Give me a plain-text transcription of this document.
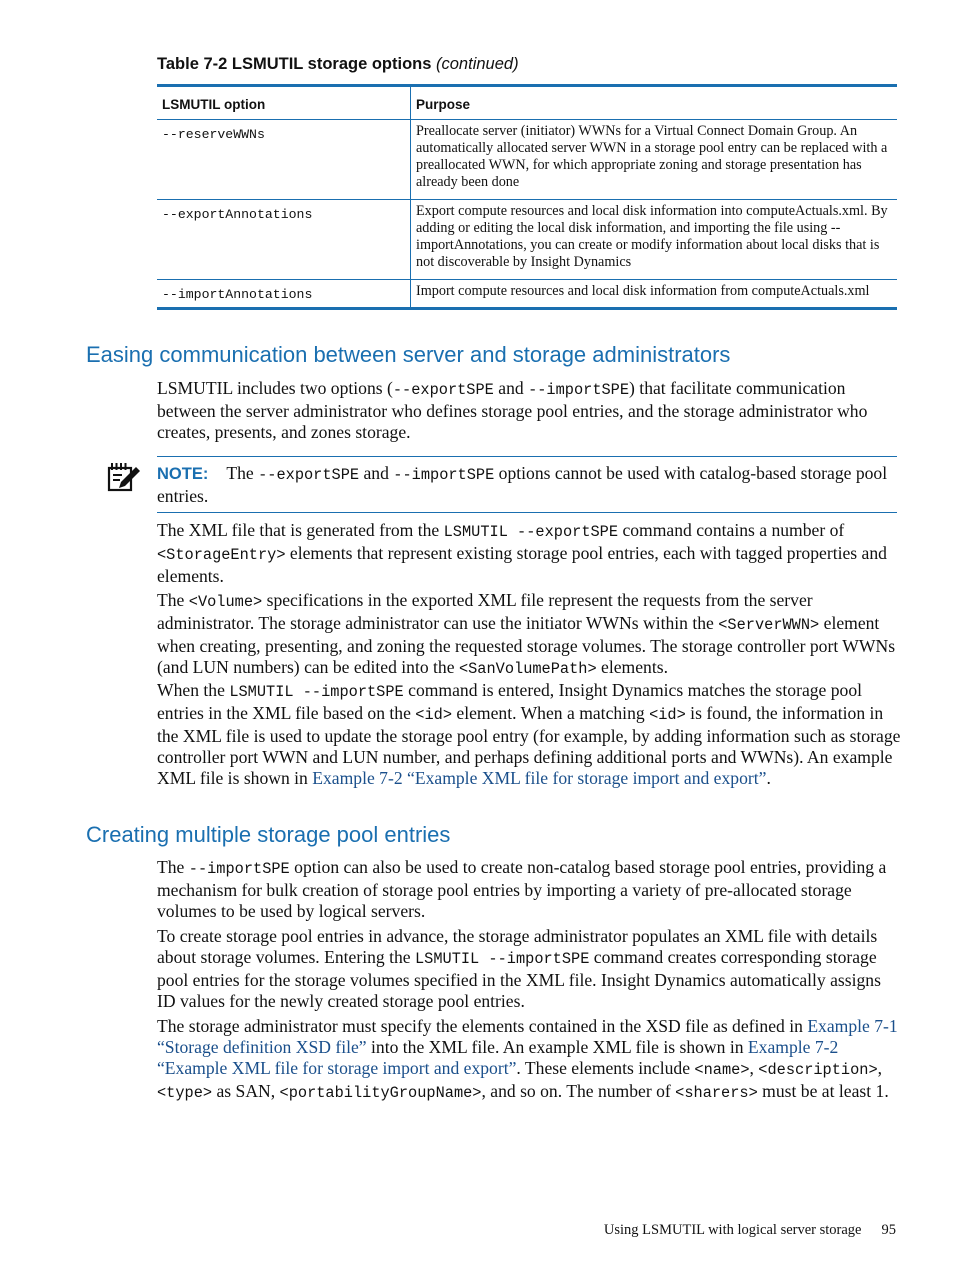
Table 7-2 LSMUTIL storage options (continued)
LSMUTIL option	Purpose
--reserveWWNs	Preallocate server (initiator) WWNs for a Virtual Connect Domain Group. An automatically allocated server WWN in a storage pool entry can be replaced with a preallocated WWN, for which appropriate zoning and storage presentation has already been done
--exportAnnotations	Export compute resources and local disk information into computeActuals.xml. By adding or editing the local disk information, and importing the file using --importAnnotations, you can create or modify information about local disks that is not discoverable by Insight Dynamics
--importAnnotations	Import compute resources and local disk information from computeActuals.xml
Easing communication between server and storage administrators

LSMUTIL includes two options (--exportSPE and --importSPE) that facilitate communication between the server administrator who defines storage pool entries, and the storage administrator who creates, presents, and zones storage.

NOTE: The --exportSPE and --importSPE options cannot be used with catalog-based storage pool entries.

The XML file that is generated from the LSMUTIL --exportSPE command contains a number of <StorageEntry> elements that represent existing storage pool entries, each with tagged properties and elements.

The <Volume> specifications in the exported XML file represent the requests from the server administrator. The storage administrator can use the initiator WWNs within the <ServerWWN> element when creating, presenting, and zoning the requested storage volumes. The storage controller port WWNs (and LUN numbers) can be edited into the <SanVolumePath> elements.

When the LSMUTIL --importSPE command is entered, Insight Dynamics matches the storage pool entries in the XML file based on the <id> element. When a matching <id> is found, the information in the XML file is used to update the storage pool entry (for example, by adding information such as storage controller port WWN and LUN number, and perhaps defining additional ports and WWNs). An example XML file is shown in Example 7-2 “Example XML file for storage import and export”.

Creating multiple storage pool entries

The --importSPE option can also be used to create non-catalog based storage pool entries, providing a mechanism for bulk creation of storage pool entries by importing a variety of pre-allocated storage volumes to be used by logical servers.

To create storage pool entries in advance, the storage administrator populates an XML file with details about storage volumes. Entering the LSMUTIL --importSPE command creates corresponding storage pool entries for the storage volumes specified in the XML file. Insight Dynamics automatically assigns ID values for the newly created storage pool entries.

The storage administrator must specify the elements contained in the XSD file as defined in Example 7-1 “Storage definition XSD file” into the XML file. An example XML file is shown in Example 7-2 “Example XML file for storage import and export”. These elements include <name>, <description>, <type> as SAN, <portabilityGroupName>, and so on. The number of <sharers> must be at least 1.

Using LSMUTIL with logical server storage 95
